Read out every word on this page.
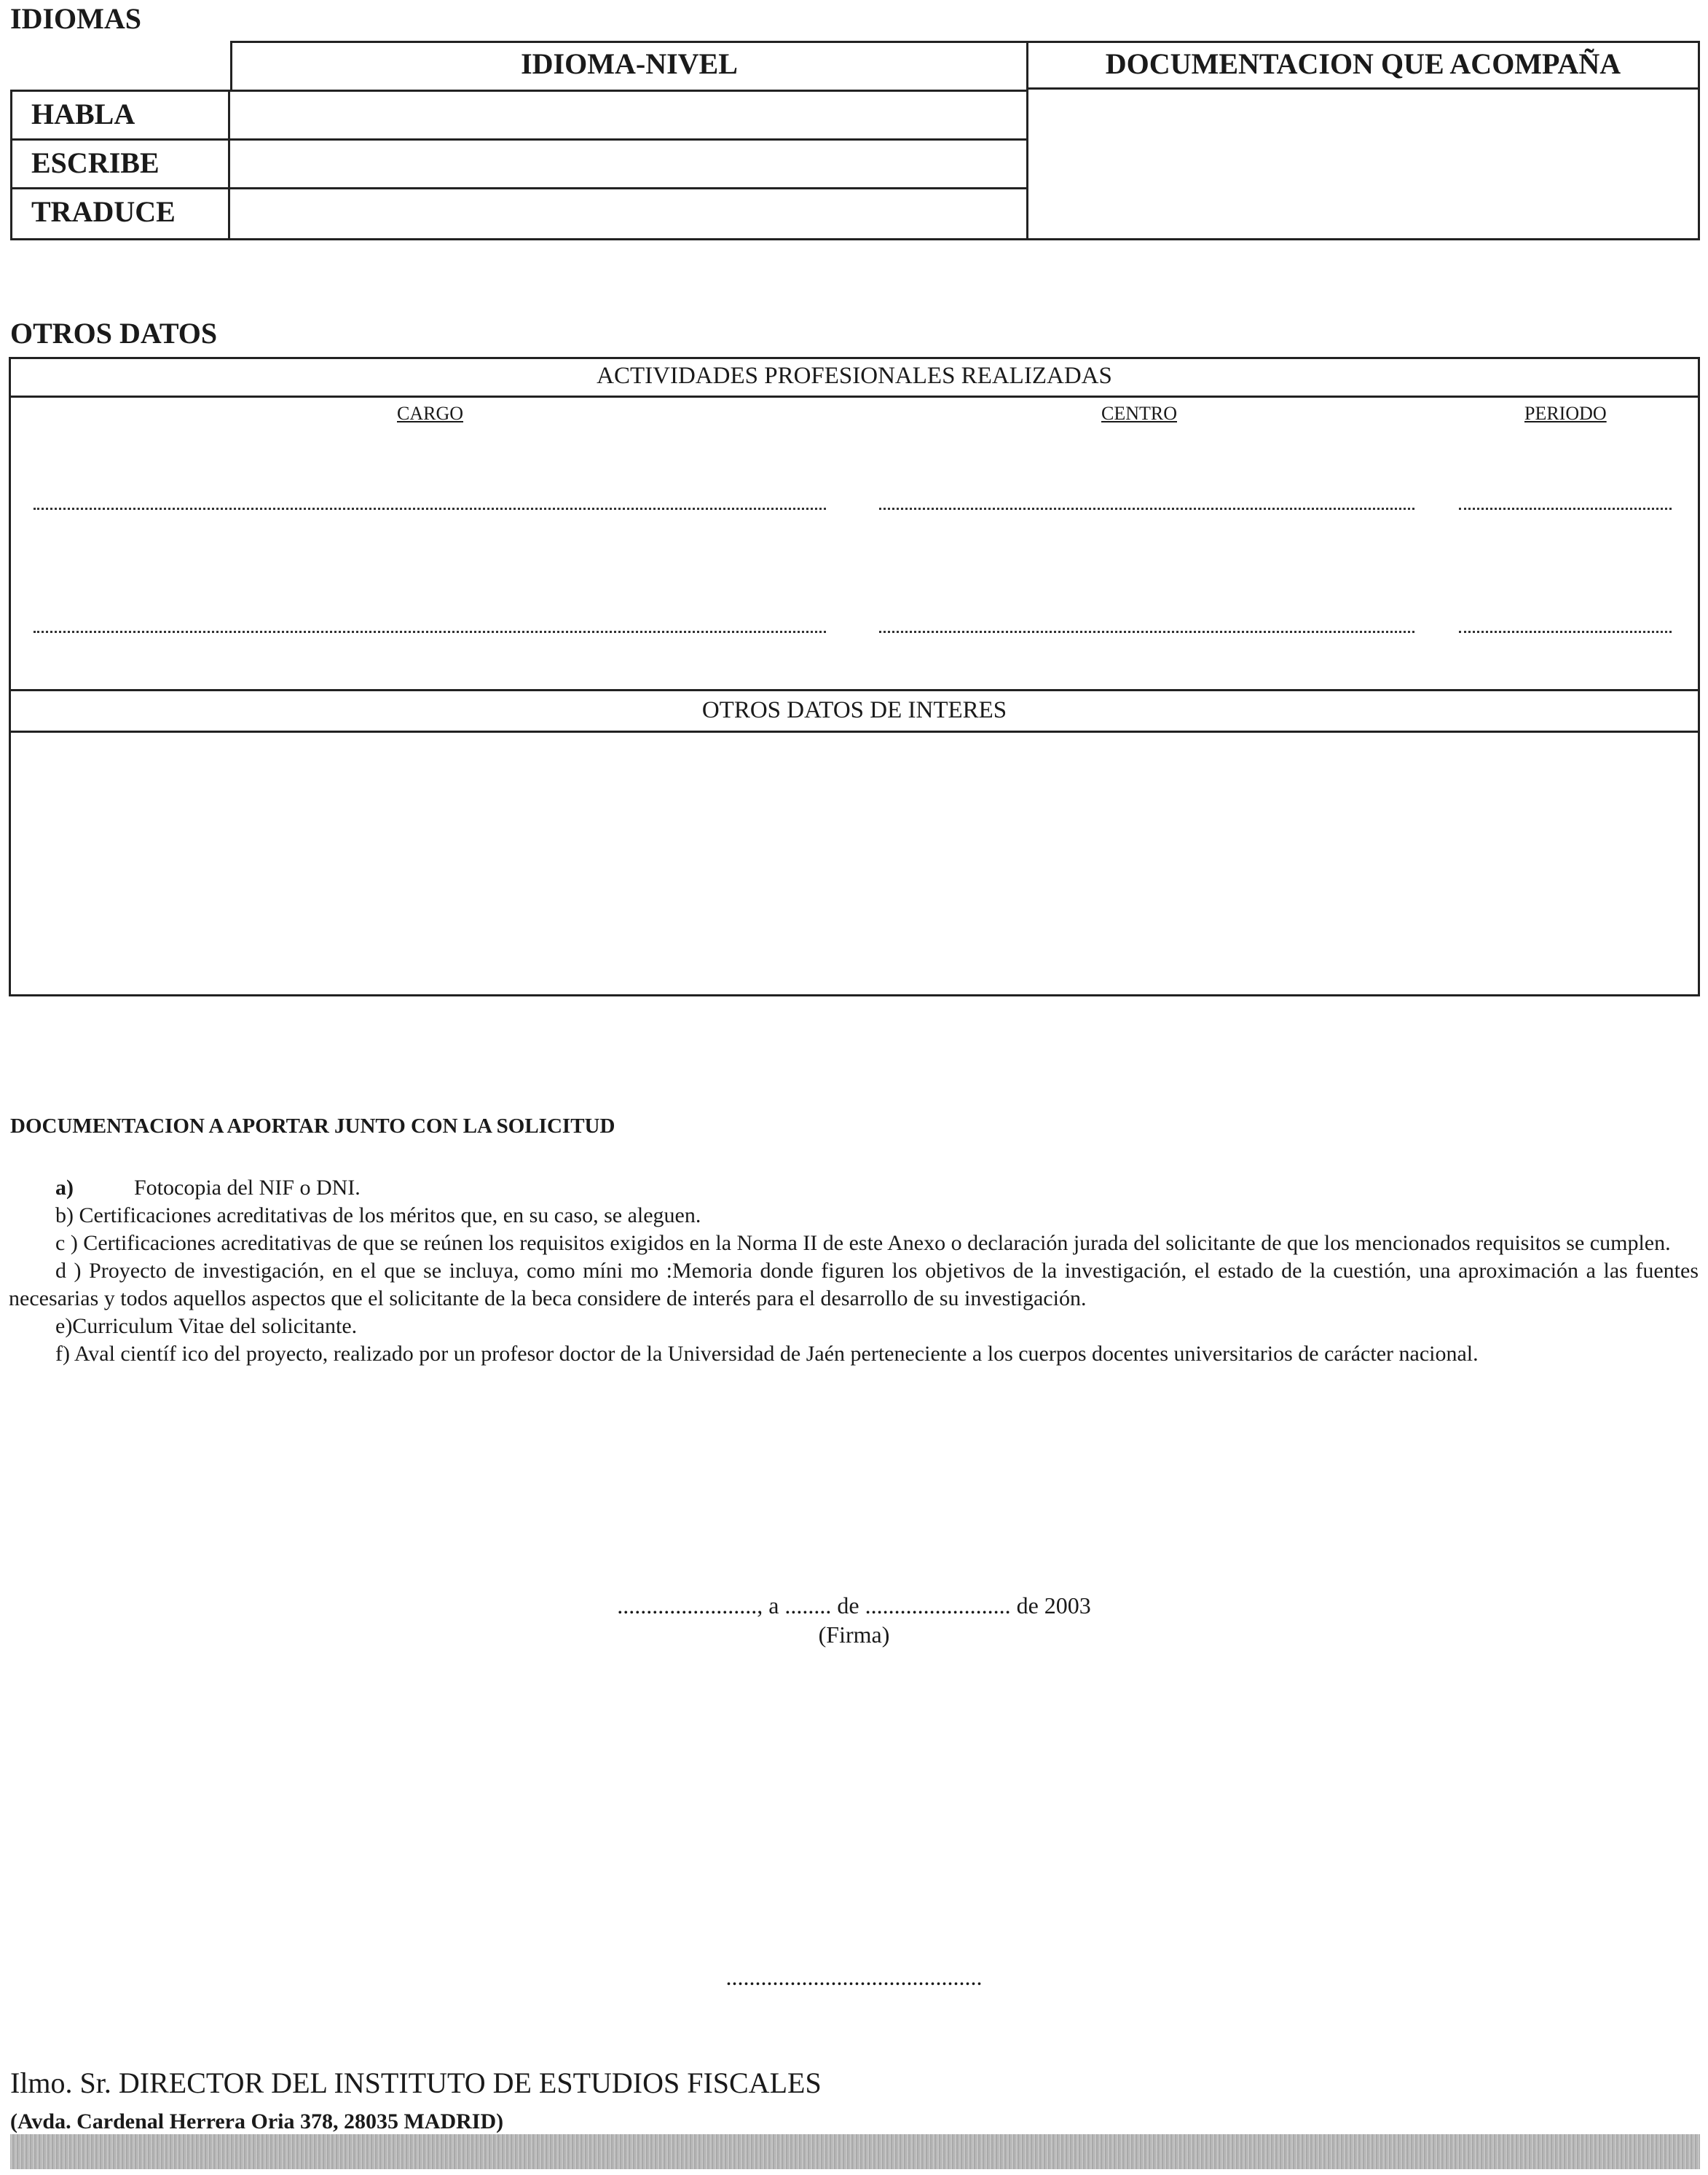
IDIOMAS
IDIOMA-NIVEL	DOCUMENTACION QUE ACOMPAÑA
HABLA
ESCRIBE
TRADUCE
OTROS DATOS
ACTIVIDADES PROFESIONALES REALIZADAS
CARGO	CENTRO	PERIODO
OTROS DATOS DE INTERES
DOCUMENTACION A APORTAR JUNTO CON LA SOLICITUD

a)	Fotocopia del NIF o DNI.

b) Certificaciones acreditativas de los méritos que, en su caso, se aleguen.

c ) Certificaciones acreditativas de que se reúnen los requisitos exigidos en la Norma II de este Anexo o declaración jurada del solicitante de que los mencionados requisitos se cumplen.

d ) Proyecto de investigación, en el que se incluya, como míni mo :Memoria donde figuren los objetivos de la investigación, el estado de la cuestión, una aproximación a las fuentes necesarias y todos aquellos aspectos que el solicitante de la beca considere de interés para el desarrollo de su investigación.

e)Curriculum Vitae del solicitante.

f) Aval científ ico del proyecto, realizado por un profesor doctor de la Universidad de Jaén perteneciente a los cuerpos docentes universitarios de carácter nacional.

........................, a ........ de ......................... de 2003
(Firma)
............................................
Ilmo. Sr. DIRECTOR DEL INSTITUTO DE ESTUDIOS FISCALES
(Avda. Cardenal Herrera Oria 378, 28035 MADRID)
